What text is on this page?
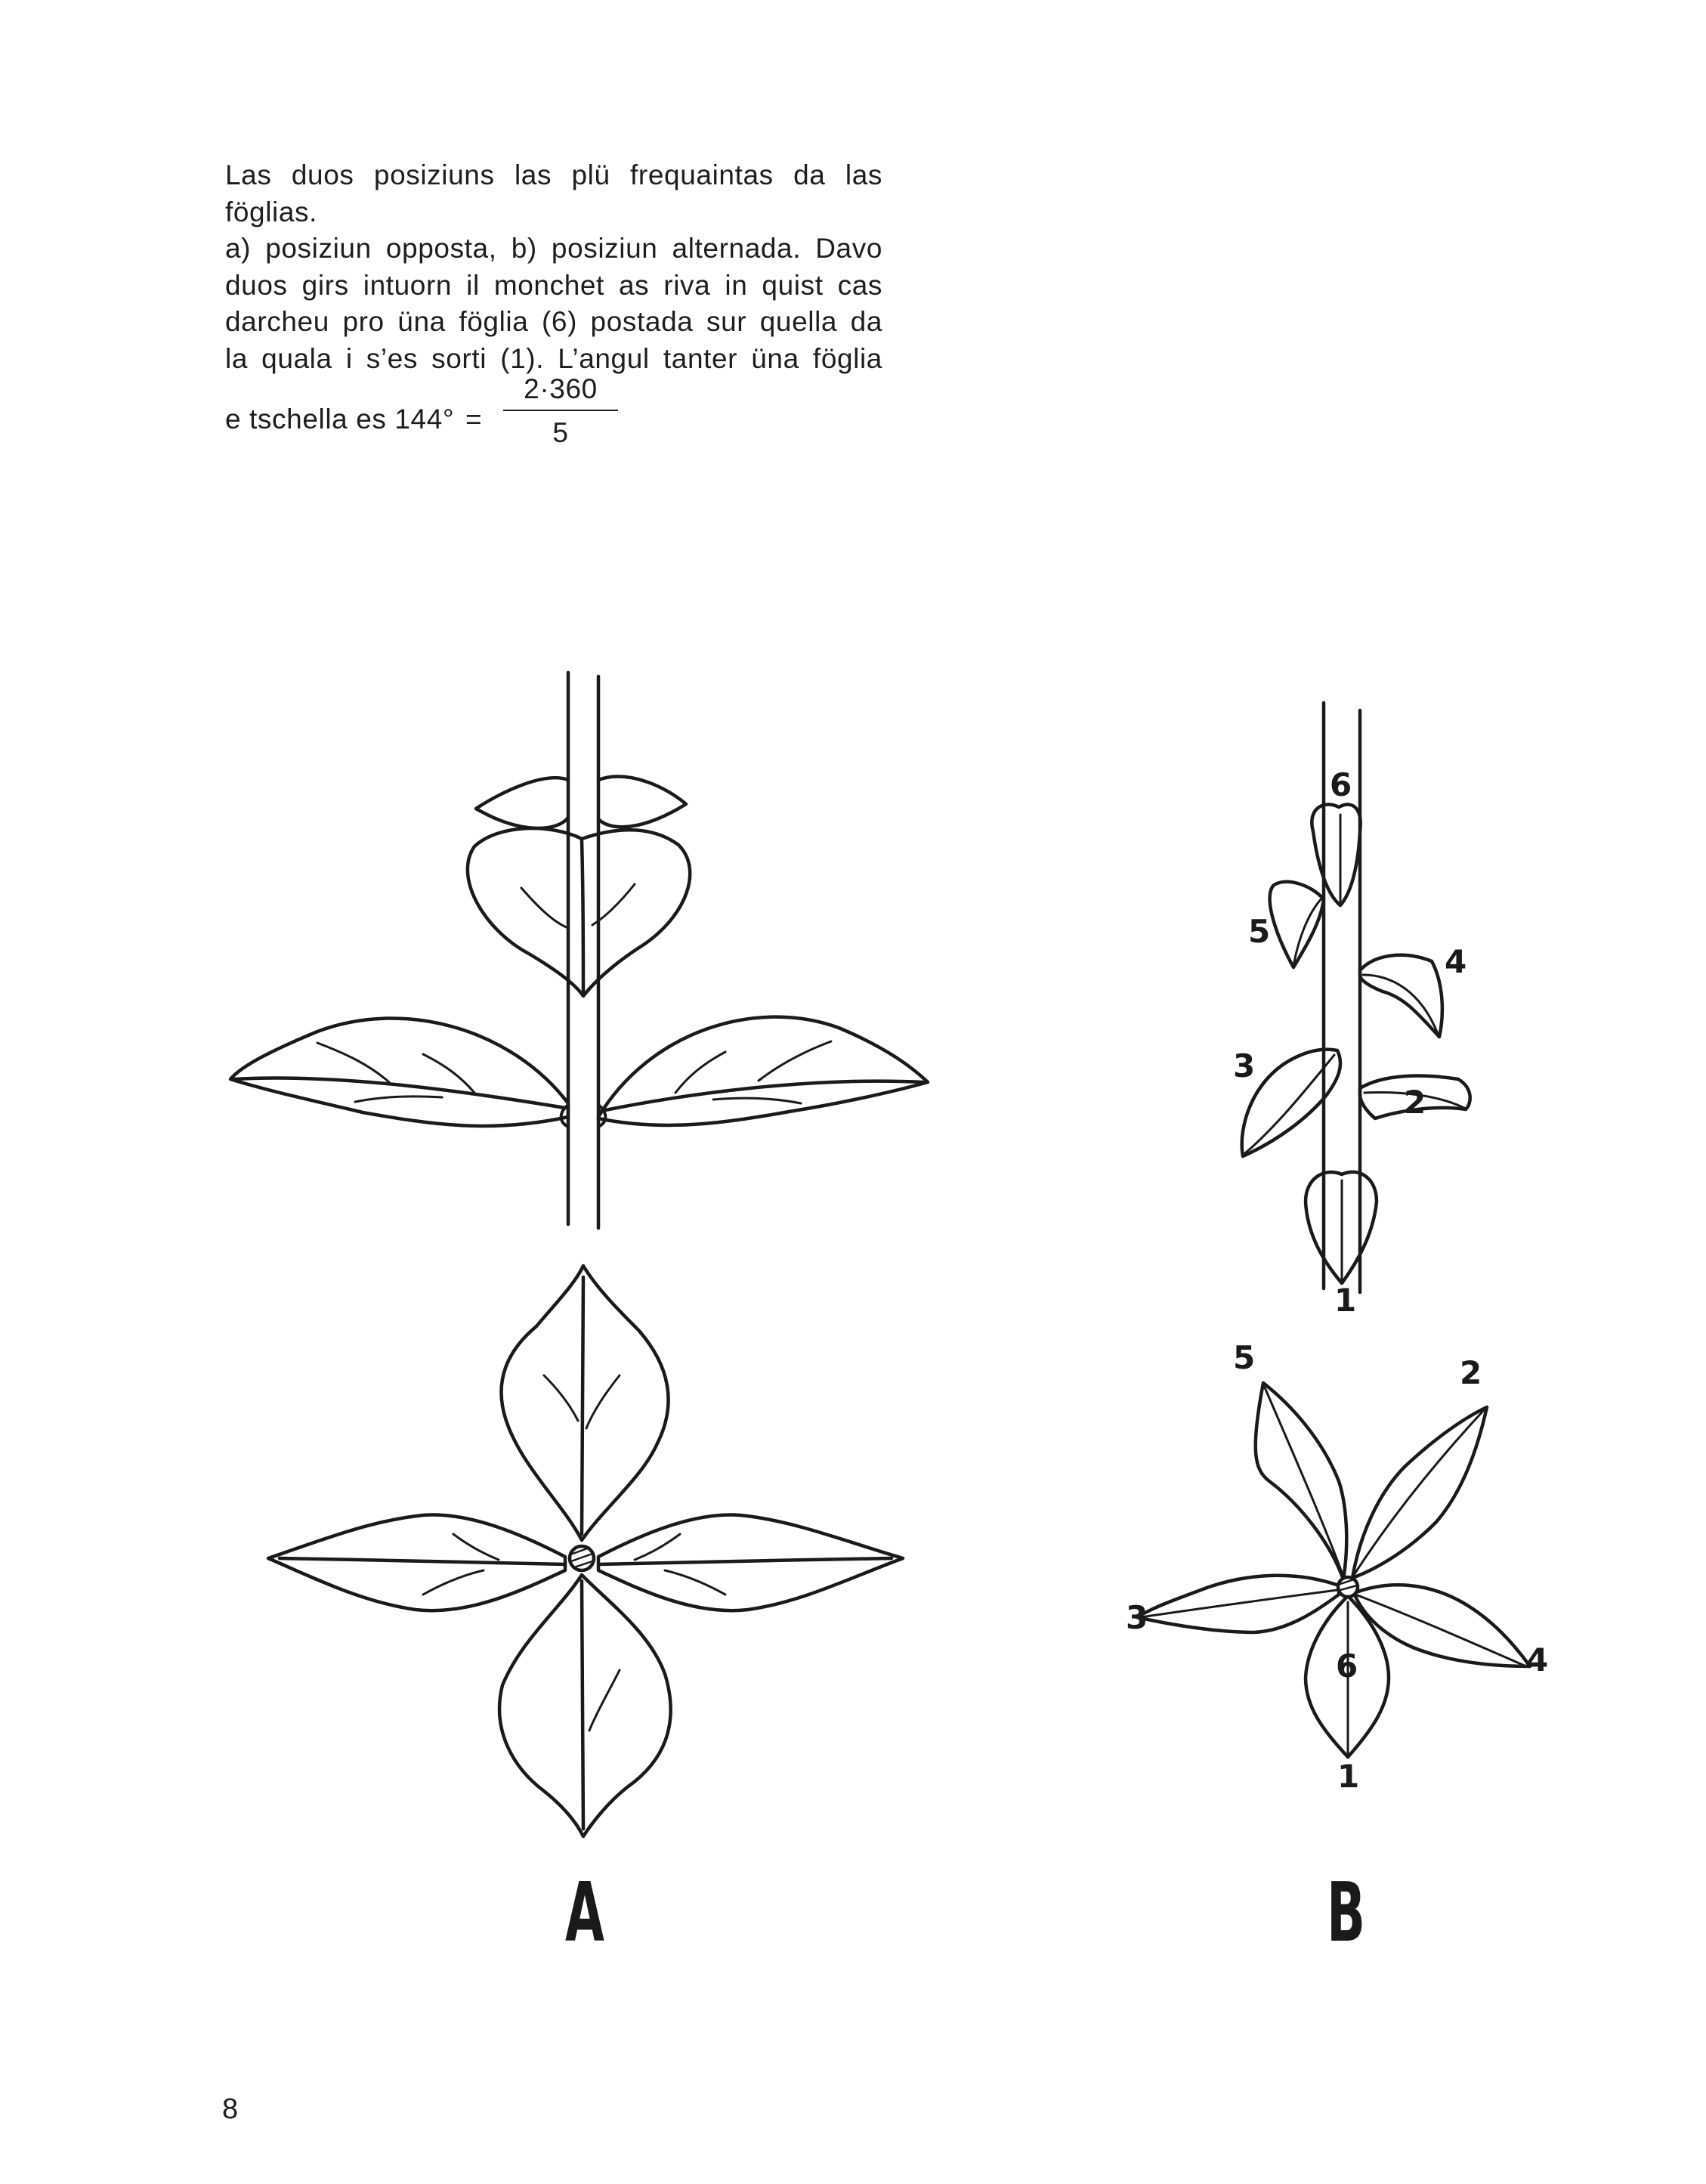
Las duos posiziuns las plü frequaintas da las

föglias.

a) posiziun opposta, b) posiziun alternada. Davo

duos girs intuorn il monchet as riva in quist cas

darcheu pro üna föglia (6) postada sur quella da

la quala i s’es sorti (1). L’angul tanter üna föglia

e tschella es $144^\circ = \frac{2\cdot 360}{5}$
6
5
4
3
2
1
5	2
3
4
6
1
A	B
8
